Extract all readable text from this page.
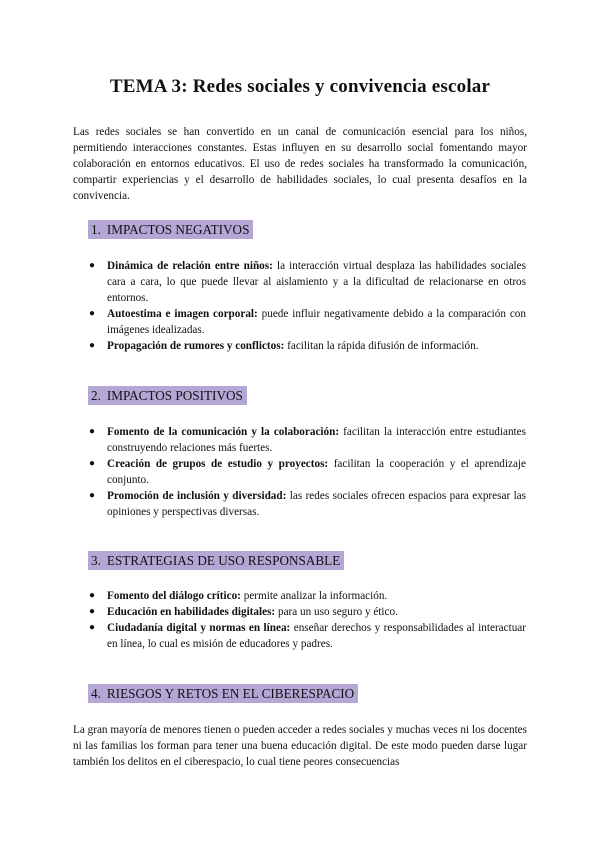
TEMA 3: Redes sociales y convivencia escolar

Las redes sociales se han convertido en un canal de comunicación esencial para los niños, permitiendo interacciones constantes. Estas influyen en su desarrollo social fomentando mayor colaboración en entornos educativos. El uso de redes sociales ha transformado la comunicación, compartir experiencias y el desarrollo de habilidades sociales, lo cual presenta desafíos en la convivencia.

1. IMPACTOS NEGATIVOS
● Dinámica de relación entre niños: la interacción virtual desplaza las habilidades sociales cara a cara, lo que puede llevar al aislamiento y a la dificultad de relacionarse en otros entornos.
● Autoestima e imagen corporal: puede influir negativamente debido a la comparación con imágenes idealizadas.
● Propagación de rumores y conflictos: facilitan la rápida difusión de información.
2. IMPACTOS POSITIVOS
● Fomento de la comunicación y la colaboración: facilitan la interacción entre estudiantes construyendo relaciones más fuertes.
● Creación de grupos de estudio y proyectos: facilitan la cooperación y el aprendizaje conjunto.
● Promoción de inclusión y diversidad: las redes sociales ofrecen espacios para expresar las opiniones y perspectivas diversas.
3. ESTRATEGIAS DE USO RESPONSABLE
● Fomento del diálogo crítico: permite analizar la información.
● Educación en habilidades digitales: para un uso seguro y ético.
● Ciudadanía digital y normas en línea: enseñar derechos y responsabilidades al interactuar en línea, lo cual es misión de educadores y padres.
4. RIESGOS Y RETOS EN EL CIBERESPACIO

La gran mayoría de menores tienen o pueden acceder a redes sociales y muchas veces ni los docentes ni las familias los forman para tener una buena educación digital. De este modo pueden darse lugar también los delitos en el ciberespacio, lo cual tiene peores consecuencias
